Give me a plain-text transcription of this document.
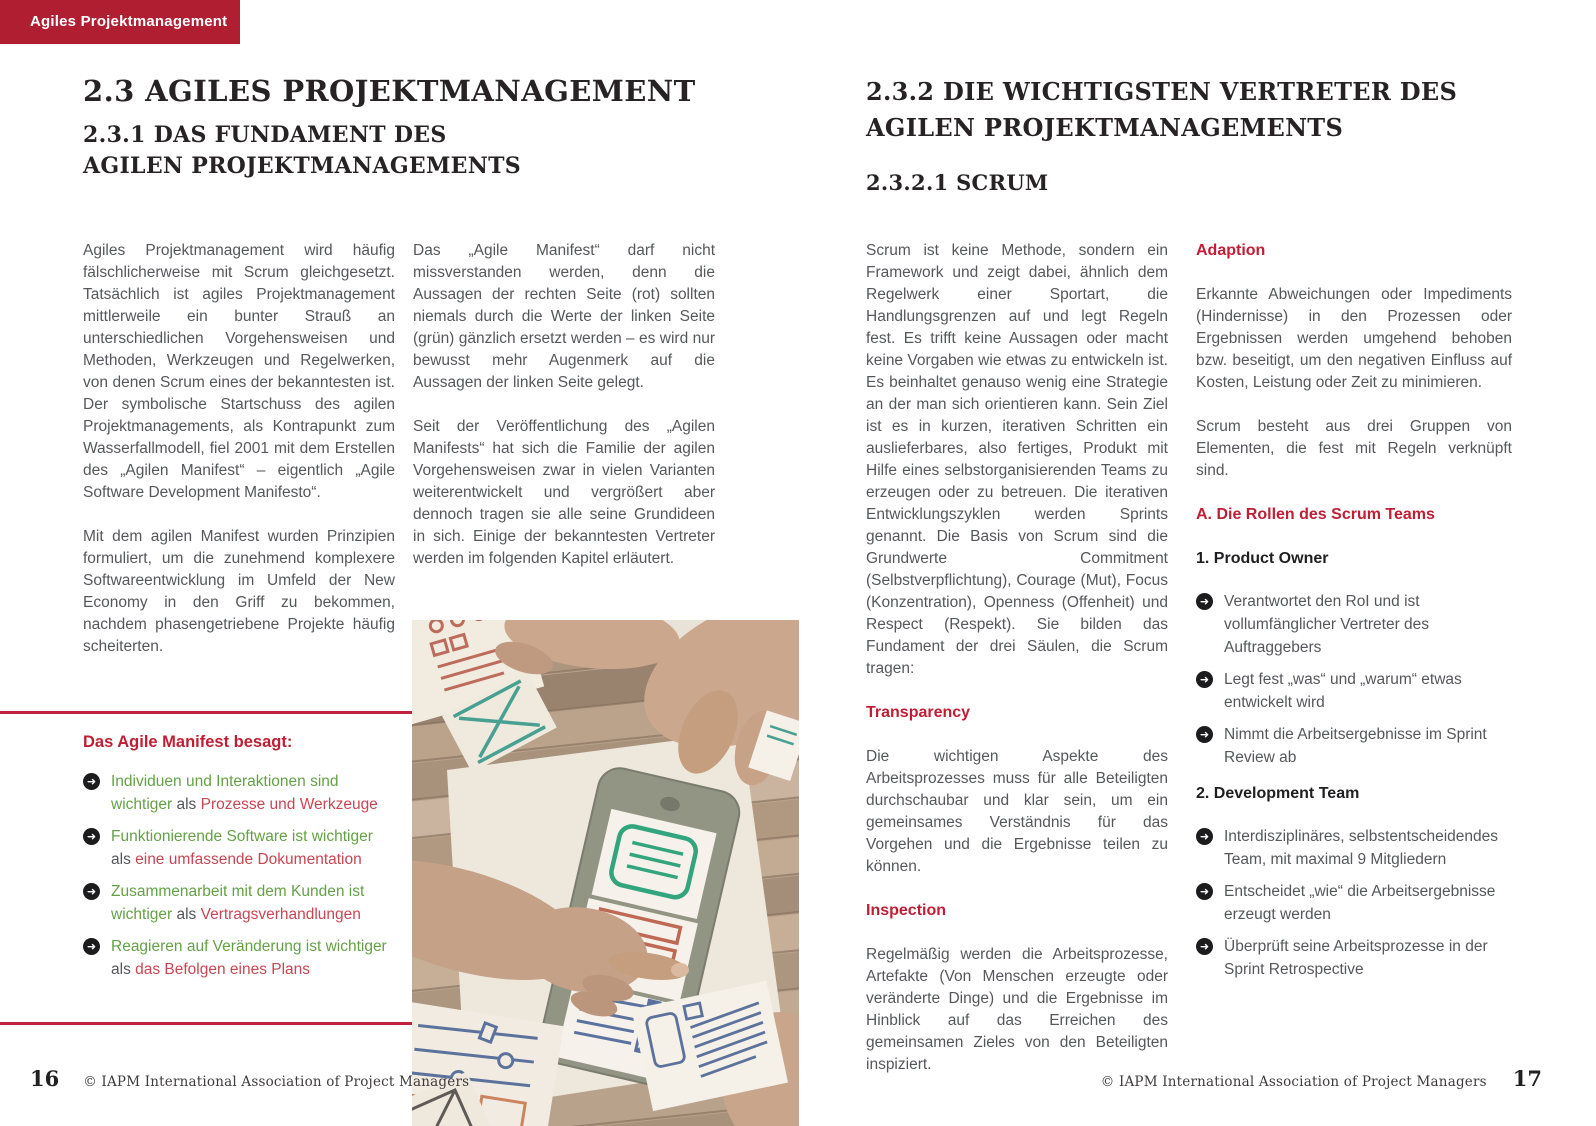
Agiles Projektmanagement
2.3 AGILES PROJEKTMANAGEMENT
2.3.1 DAS FUNDAMENT DES AGILEN PROJEKTMANAGEMENTS

Agiles Projektmanagement wird häufig fälschlicherweise mit Scrum gleichgesetzt. Tatsächlich ist agiles Projektmanagement mittlerweile ein bunter Strauß an unterschiedlichen Vorgehensweisen und Methoden, Werkzeugen und Regelwerken, von denen Scrum eines der bekanntesten ist. Der symbolische Startschuss des agilen Projektmanagements, als Kontrapunkt zum Wasserfallmodell, fiel 2001 mit dem Erstellen des „Agilen Manifest“ – eigentlich „Agile Software Development Manifesto“.

Mit dem agilen Manifest wurden Prinzipien formuliert, um die zunehmend komplexere Softwareentwicklung im Umfeld der New Economy in den Griff zu bekommen, nachdem phasengetriebene Projekte häufig scheiterten.

Das „Agile Manifest“ darf nicht missverstanden werden, denn die Aussagen der rechten Seite (rot) sollten niemals durch die Werte der linken Seite (grün) gänzlich ersetzt werden – es wird nur bewusst mehr Augenmerk auf die Aussagen der linken Seite gelegt.

Seit der Veröffentlichung des „Agilen Manifests“ hat sich die Familie der agilen Vorgehensweisen zwar in vielen Varianten weiterentwickelt und vergrößert aber dennoch tragen sie alle seine Grundideen in sich. Einige der bekanntesten Vertreter werden im folgenden Kapitel erläutert.

Das Agile Manifest besagt:
➜ Individuen und Interaktionen sind wichtiger als Prozesse und Werkzeuge
➜ Funktionierende Software ist wichtiger als eine umfassende Dokumentation
➜ Zusammenarbeit mit dem Kunden ist wichtiger als Vertragsverhandlungen
➜ Reagieren auf Veränderung ist wichtiger als das Befolgen eines Plans
16 © IAPM International Association of Project Managers
2.3.2 DIE WICHTIGSTEN VERTRETER DES AGILEN PROJEKTMANAGEMENTS
2.3.2.1 SCRUM

Scrum ist keine Methode, sondern ein Framework und zeigt dabei, ähnlich dem Regelwerk einer Sportart, die Handlungsgrenzen auf und legt Regeln fest. Es trifft keine Aussagen oder macht keine Vorgaben wie etwas zu entwickeln ist. Es beinhaltet genauso wenig eine Strategie an der man sich orientieren kann. Sein Ziel ist es in kurzen, iterativen Schritten ein auslieferbares, also fertiges, Produkt mit Hilfe eines selbstorganisierenden Teams zu erzeugen oder zu betreuen. Die iterativen Entwicklungszyklen werden Sprints genannt. Die Basis von Scrum sind die Grundwerte Commitment (Selbstverpflichtung), Courage (Mut), Focus (Konzentration), Openness (Offenheit) und Respect (Respekt). Sie bilden das Fundament der drei Säulen, die Scrum tragen:

Transparency

Die wichtigen Aspekte des Arbeitsprozesses muss für alle Beteiligten durchschaubar und klar sein, um ein gemeinsames Verständnis für das Vorgehen und die Ergebnisse teilen zu können.

Inspection

Regelmäßig werden die Arbeitsprozesse, Artefakte (Von Menschen erzeugte oder veränderte Dinge) und die Ergebnisse im Hinblick auf das Erreichen des gemeinsamen Zieles von den Beteiligten inspiziert.

Adaption

Erkannte Abweichungen oder Impediments (Hindernisse) in den Prozessen oder Ergebnissen werden umgehend behoben bzw. beseitigt, um den negativen Einfluss auf Kosten, Leistung oder Zeit zu minimieren.

Scrum besteht aus drei Gruppen von Elementen, die fest mit Regeln verknüpft sind.

A. Die Rollen des Scrum Teams
1. Product Owner
➜ Verantwortet den RoI und ist vollumfänglicher Vertreter des Auftraggebers
➜ Legt fest „was“ und „warum“ etwas entwickelt wird
➜ Nimmt die Arbeitsergebnisse im Sprint Review ab
2. Development Team
➜ Interdisziplinäres, selbstentscheidendes Team, mit maximal 9 Mitgliedern
➜ Entscheidet „wie“ die Arbeitsergebnisse erzeugt werden
➜ Überprüft seine Arbeitsprozesse in der Sprint Retrospective
© IAPM International Association of Project Managers 17
